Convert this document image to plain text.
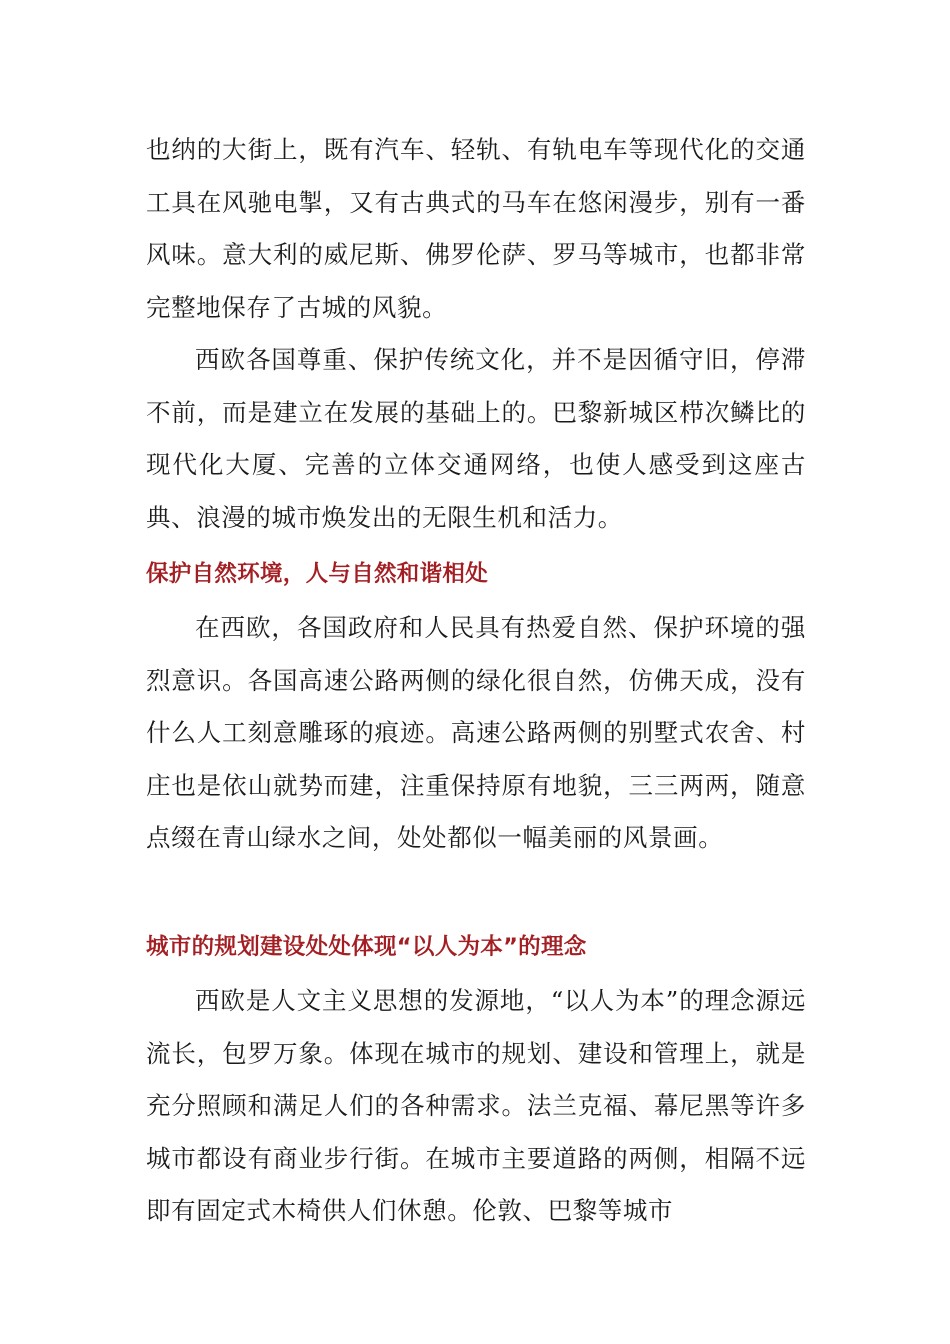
也纳的大街上，既有汽车、轻轨、有轨电车等现代化的交通工具在风驰电掣，又有古典式的马车在悠闲漫步，别有一番风味。意大利的威尼斯、佛罗伦萨、罗马等城市，也都非常完整地保存了古城的风貌。

西欧各国尊重、保护传统文化，并不是因循守旧，停滞不前，而是建立在发展的基础上的。巴黎新城区栉次鳞比的现代化大厦、完善的立体交通网络，也使人感受到这座古典、浪漫的城市焕发出的无限生机和活力。

保护自然环境，人与自然和谐相处

在西欧，各国政府和人民具有热爱自然、保护环境的强烈意识。各国高速公路两侧的绿化很自然，仿佛天成，没有什么人工刻意雕琢的痕迹。高速公路两侧的别墅式农舍、村庄也是依山就势而建，注重保持原有地貌，三三两两，随意点缀在青山绿水之间，处处都似一幅美丽的风景画。

城市的规划建设处处体现“以人为本”的理念

西欧是人文主义思想的发源地，“以人为本”的理念源远流长，包罗万象。体现在城市的规划、建设和管理上，就是充分照顾和满足人们的各种需求。法兰克福、幕尼黑等许多城市都设有商业步行街。在城市主要道路的两侧，相隔不远即有固定式木椅供人们休憩。伦敦、巴黎等城市
